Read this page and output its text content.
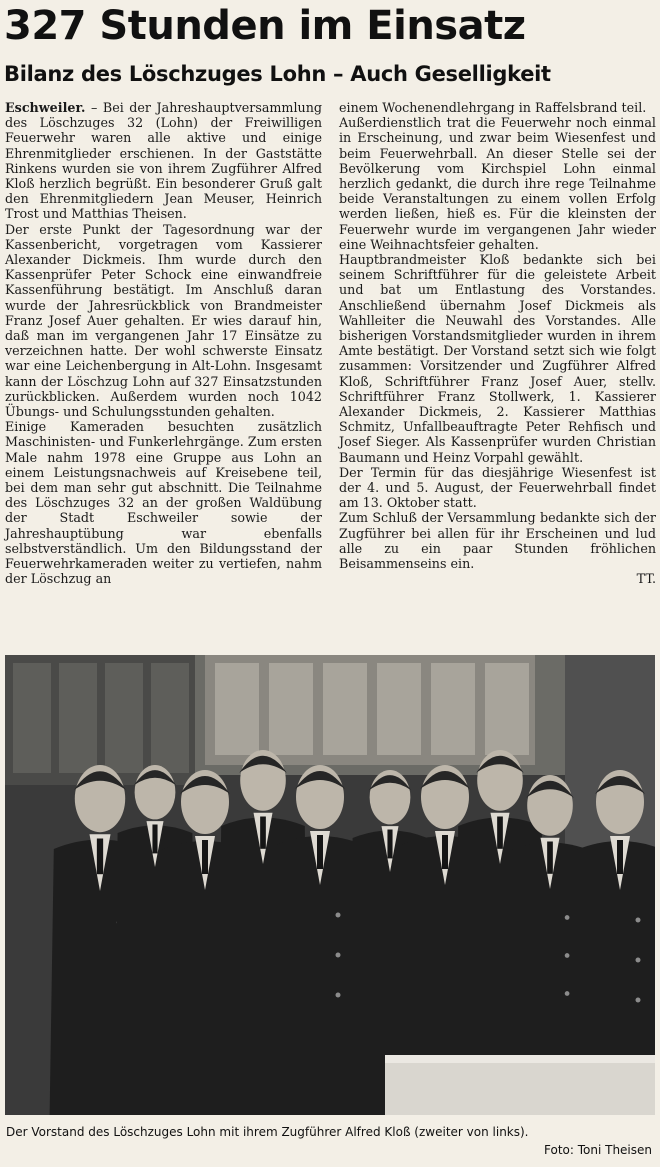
327 Stunden im Einsatz
Bilanz des Löschzuges Lohn – Auch Geselligkeit

Eschweiler. – Bei der Jahreshauptversammlung des Löschzuges 32 (Lohn) der Freiwilligen Feuerwehr waren alle aktive und einige Ehrenmitglieder erschienen. In der Gaststätte Rinkens wurden sie von ihrem Zugführer Alfred Kloß herzlich begrüßt. Ein besonderer Gruß galt den Ehrenmitgliedern Jean Meuser, Heinrich Trost und Matthias Theisen.

Der erste Punkt der Tagesordnung war der Kassenbericht, vorgetragen vom Kassierer Alexander Dickmeis. Ihm wurde durch den Kassenprüfer Peter Schock eine einwandfreie Kassenführung bestätigt. Im Anschluß daran wurde der Jahresrückblick von Brandmeister Franz Josef Auer gehalten. Er wies darauf hin, daß man im vergangenen Jahr 17 Einsätze zu verzeichnen hatte. Der wohl schwerste Einsatz war eine Leichenbergung in Alt-Lohn. Insgesamt kann der Löschzug Lohn auf 327 Einsatzstunden zurückblicken. Außerdem wurden noch 1042 Übungs- und Schulungsstunden gehalten.

Einige Kameraden besuchten zusätzlich Maschinisten- und Funkerlehrgänge. Zum ersten Male nahm 1978 eine Gruppe aus Lohn an einem Leistungsnachweis auf Kreisebene teil, bei dem man sehr gut abschnitt. Die Teilnahme des Löschzuges 32 an der großen Waldübung der Stadt Eschweiler sowie der Jahreshauptübung war ebenfalls selbstverständlich. Um den Bildungsstand der Feuerwehrkameraden weiter zu vertiefen, nahm der Löschzug an

einem Wochenendlehrgang in Raffelsbrand teil.

Außerdienstlich trat die Feuerwehr noch einmal in Erscheinung, und zwar beim Wiesenfest und beim Feuerwehrball. An dieser Stelle sei der Bevölkerung vom Kirchspiel Lohn einmal herzlich gedankt, die durch ihre rege Teilnahme beide Veranstaltungen zu einem vollen Erfolg werden ließen, hieß es. Für die kleinsten der Feuerwehr wurde im vergangenen Jahr wieder eine Weihnachtsfeier gehalten.

Hauptbrandmeister Kloß bedankte sich bei seinem Schriftführer für die geleistete Arbeit und bat um Entlastung des Vorstandes. Anschließend übernahm Josef Dickmeis als Wahlleiter die Neuwahl des Vorstandes. Alle bisherigen Vorstandsmitglieder wurden in ihrem Amte bestätigt. Der Vorstand setzt sich wie folgt zusammen: Vorsitzender und Zugführer Alfred Kloß, Schriftführer Franz Josef Auer, stellv. Schriftführer Franz Stollwerk, 1. Kassierer Alexander Dickmeis, 2. Kassierer Matthias Schmitz, Unfallbeauftragte Peter Rehfisch und Josef Sieger. Als Kassenprüfer wurden Christian Baumann und Heinz Vorpahl gewählt.

Der Termin für das diesjährige Wiesenfest ist der 4. und 5. August, der Feuerwehrball findet am 13. Oktober statt.

Zum Schluß der Versammlung bedankte sich der Zugführer bei allen für ihr Erscheinen und lud alle zu ein paar Stunden fröhlichen Beisammenseins ein.

TT.

Der Vorstand des Löschzuges Lohn mit ihrem Zugführer Alfred Kloß (zweiter von links).
Foto: Toni Theisen
